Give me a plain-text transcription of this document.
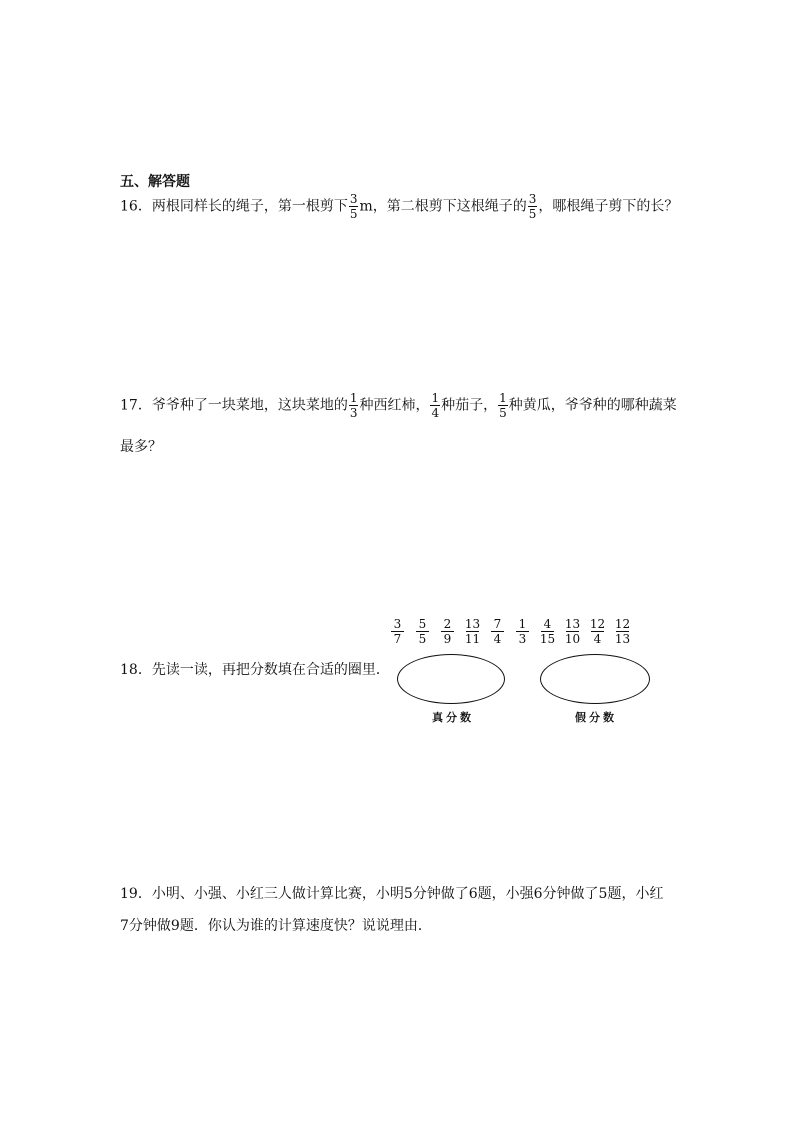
五、解答题
16．两根同样长的绳子，第一根剪下 $\frac{3}{5}$ m，第二根剪下这根绳子的 $\frac{3}{5}$ ，哪根绳子剪下的长？
17．爷爷种了一块菜地，这块菜地的 $\frac{1}{3}$ 种西红柿， $\frac{1}{4}$ 种茄子， $\frac{1}{5}$ 种黄瓜，爷爷种的哪种蔬菜
最多？
$\frac{3}{7} \frac{5}{5} \frac{2}{9} \frac{13}{11} \frac{7}{4} \frac{1}{3} \frac{4}{15} \frac{13}{10} \frac{12}{4} \frac{12}{13}$
18．先读一读，再把分数填在合适的圈里．
真分数	假分数
19．小明、小强、小红三人做计算比赛，小明5分钟做了6题，小强6分钟做了5题，小红
7分钟做9题．你认为谁的计算速度快？说说理由．
